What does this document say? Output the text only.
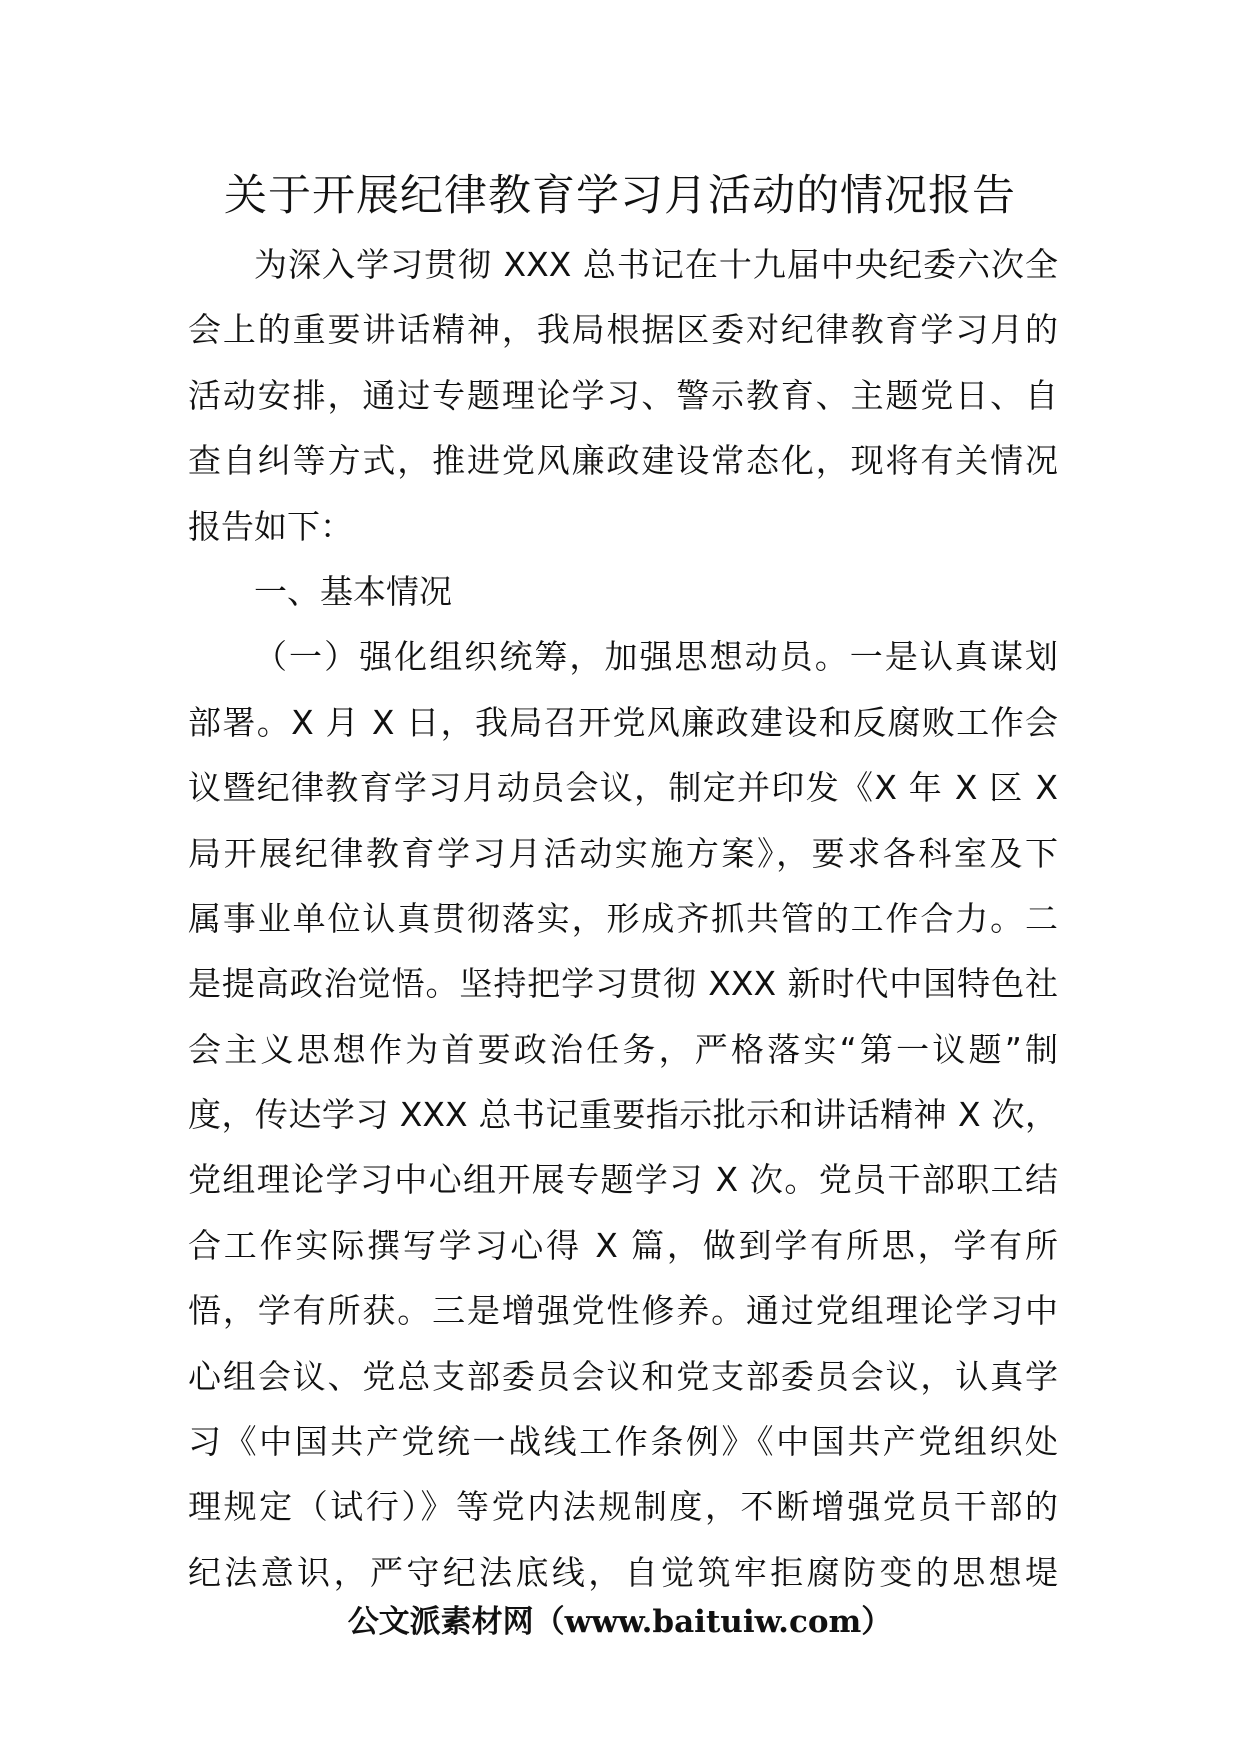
关于开展纪律教育学习月活动的情况报告
为深入学习贯彻 XXX 总书记在十九届中央纪委六次全
会上的重要讲话精神，我局根据区委对纪律教育学习月的
活动安排，通过专题理论学习、警示教育、主题党日、自
查自纠等方式，推进党风廉政建设常态化，现将有关情况
报告如下：
一、基本情况
（一）强化组织统筹，加强思想动员。一是认真谋划
部署。X 月 X 日，我局召开党风廉政建设和反腐败工作会
议暨纪律教育学习月动员会议，制定并印发《X 年 X 区 X
局开展纪律教育学习月活动实施方案》，要求各科室及下
属事业单位认真贯彻落实，形成齐抓共管的工作合力。二
是提高政治觉悟。坚持把学习贯彻 XXX 新时代中国特色社
会主义思想作为首要政治任务，严格落实“第一议题”制
度，传达学习 XXX 总书记重要指示批示和讲话精神 X 次，
党组理论学习中心组开展专题学习 X 次。党员干部职工结
合工作实际撰写学习心得 X 篇，做到学有所思，学有所
悟，学有所获。三是增强党性修养。通过党组理论学习中
心组会议、党总支部委员会议和党支部委员会议，认真学
习《中国共产党统一战线工作条例》《中国共产党组织处
理规定（试行）》等党内法规制度，不断增强党员干部的
纪法意识，严守纪法底线，自觉筑牢拒腐防变的思想堤
公文派素材网（www.baituiw.com）
